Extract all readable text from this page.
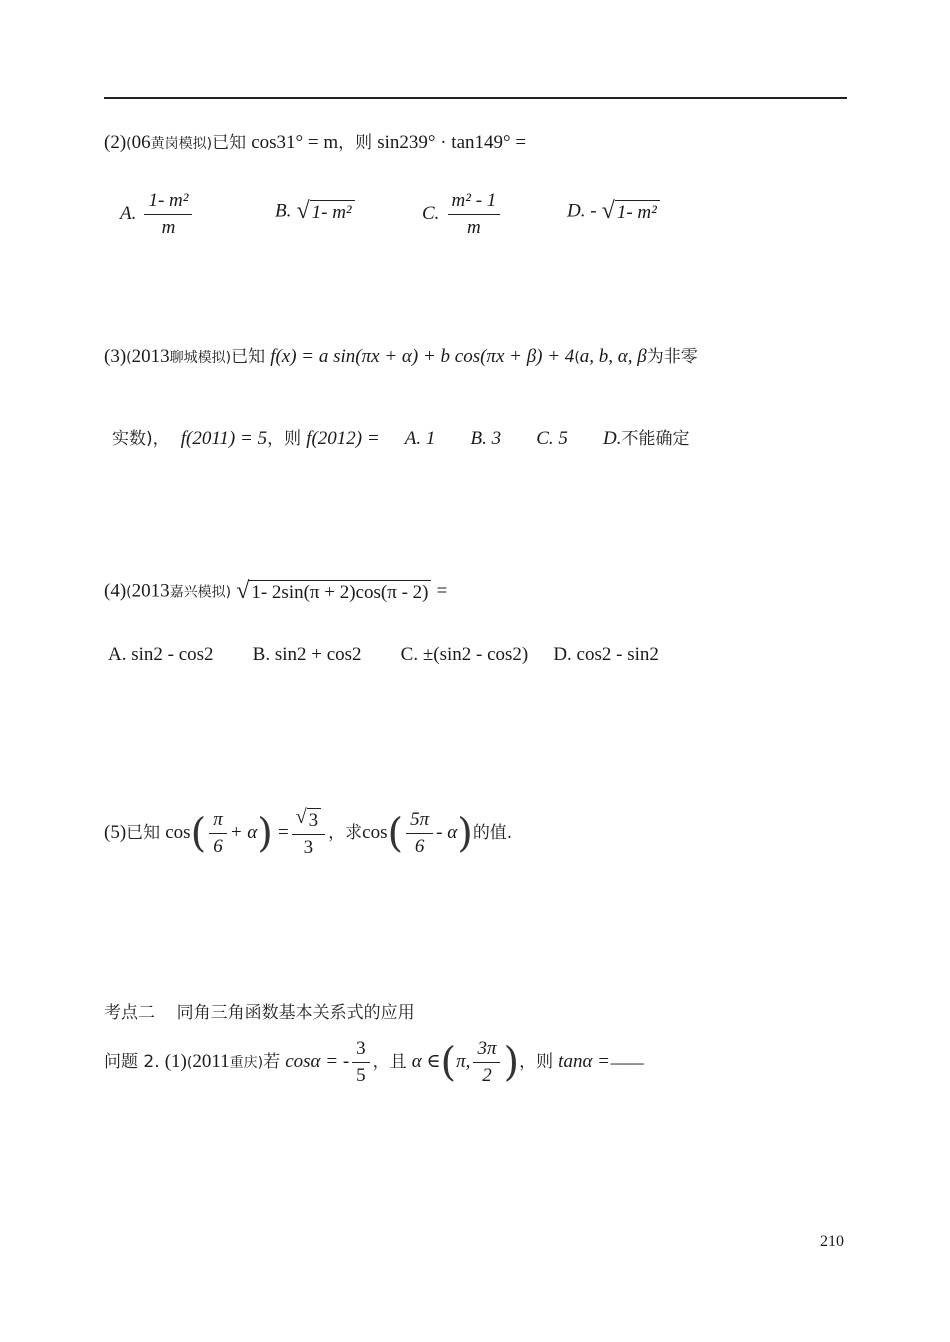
(2)(06黄岗模拟)已知 cos31° = m，则 sin239° · tan149° =
A. $\frac{\text{1- m²}}{m}$	B. √ 1- m²	C. $\frac{\text{m² - 1}}{m}$	D. - √ 1- m²
(3)(2013聊城模拟)已知 f(x) = a sin(πx + α) + b cos(πx + β) + 4(a, b, α, β为非零
实数)， f(2011) = 5，则 f(2012) = A. 1 B. 3 C. 5 D.不能确定
(4)(2013嘉兴模拟) √ 1- 2sin(π + 2)cos(π - 2) =
A. sin2 - cos2 B. sin2 + cos2 C. ±(sin2 - cos2) D. cos2 - sin2
(5)已知 $\cos( \frac{\pi}{6} + \alpha) = \frac{√ 3}{3}$ ，求$\cos( \frac{5\pi}{6} - \alpha)$的值.
考点二    同角三角函数基本关系式的应用
问题 2. (1)(2011重庆)若 cosα = - $\frac{3}{5}$ ，且 α ∈(π, $\frac{3\pi}{2}$ )，则 tanα =----------
210
